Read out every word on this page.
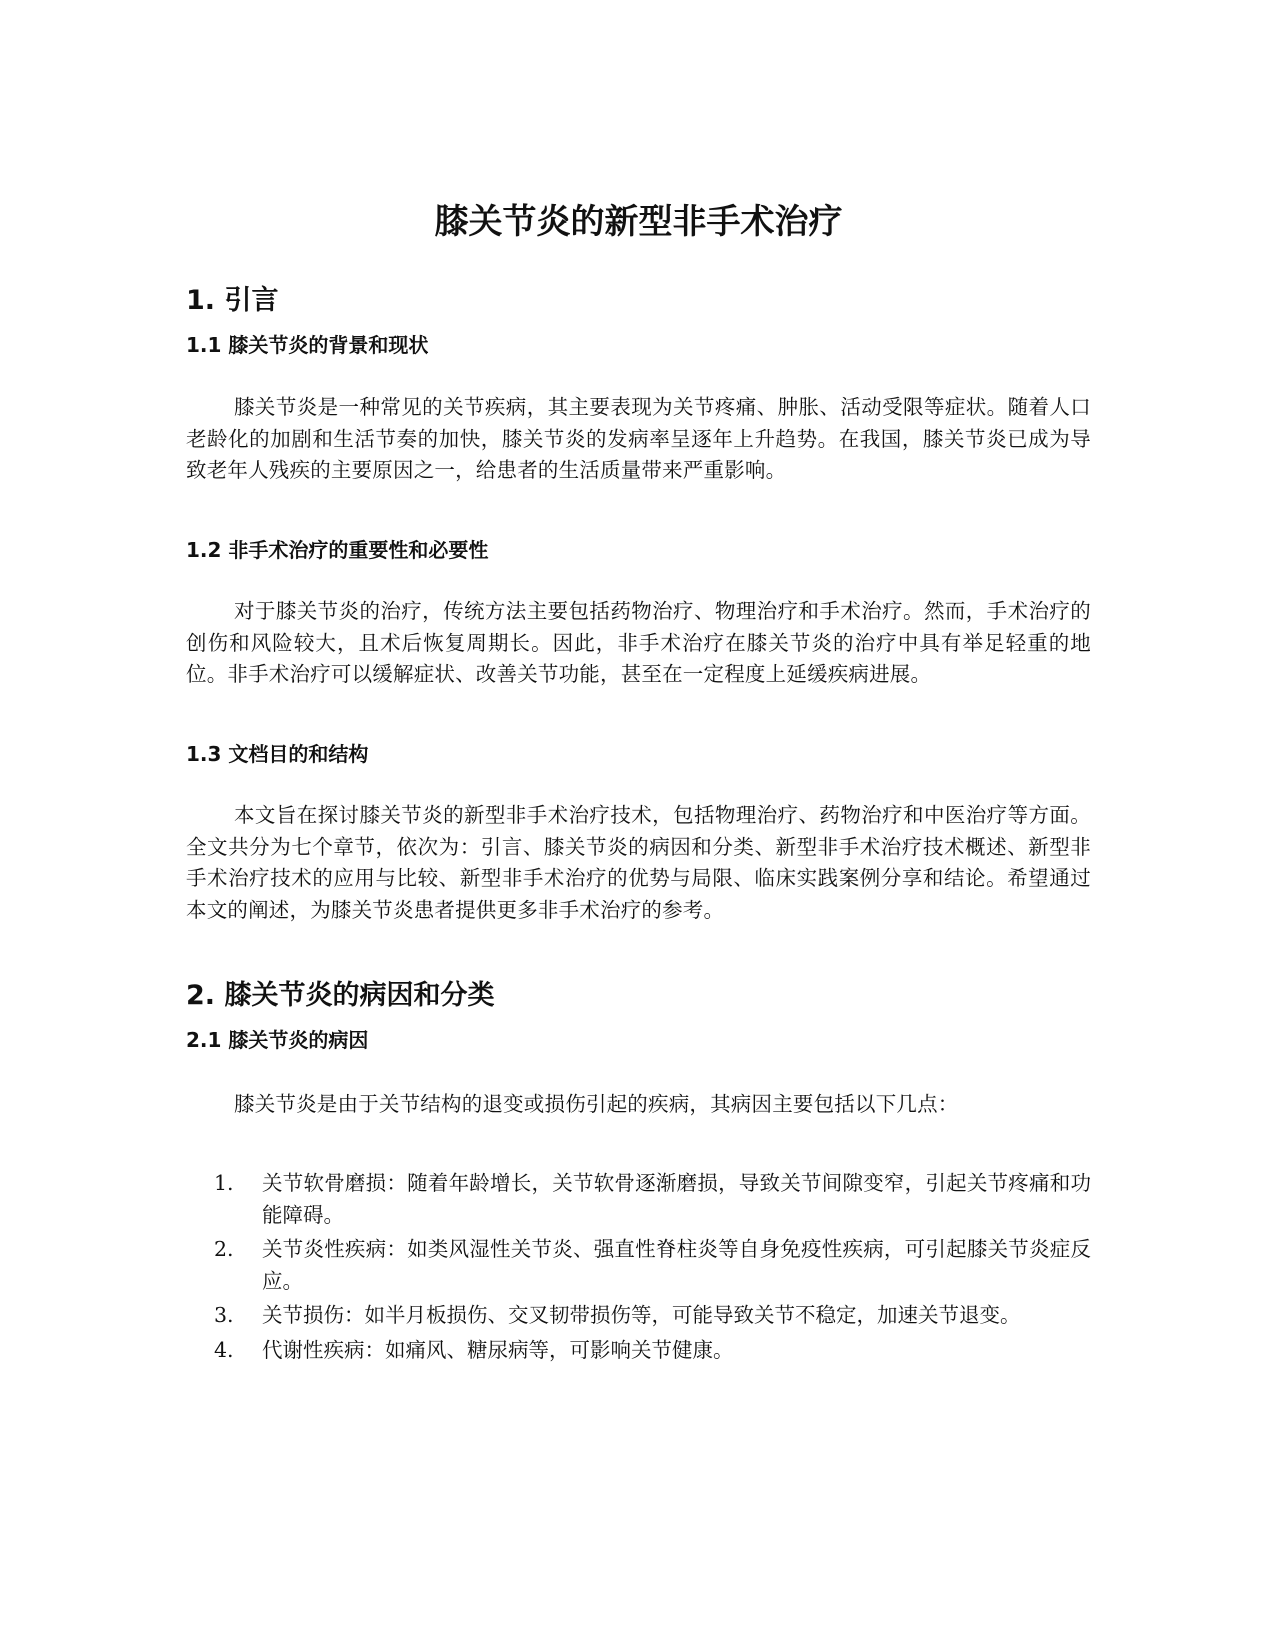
膝关节炎的新型非手术治疗
1. 引言
1.1 膝关节炎的背景和现状

膝关节炎是一种常见的关节疾病，其主要表现为关节疼痛、肿胀、活动受限等症状。随着人口老龄化的加剧和生活节奏的加快，膝关节炎的发病率呈逐年上升趋势。在我国，膝关节炎已成为导致老年人残疾的主要原因之一，给患者的生活质量带来严重影响。

1.2 非手术治疗的重要性和必要性

对于膝关节炎的治疗，传统方法主要包括药物治疗、物理治疗和手术治疗。然而，手术治疗的创伤和风险较大，且术后恢复周期长。因此，非手术治疗在膝关节炎的治疗中具有举足轻重的地位。非手术治疗可以缓解症状、改善关节功能，甚至在一定程度上延缓疾病进展。

1.3 文档目的和结构

本文旨在探讨膝关节炎的新型非手术治疗技术，包括物理治疗、药物治疗和中医治疗等方面。全文共分为七个章节，依次为：引言、膝关节炎的病因和分类、新型非手术治疗技术概述、新型非手术治疗技术的应用与比较、新型非手术治疗的优势与局限、临床实践案例分享和结论。希望通过本文的阐述，为膝关节炎患者提供更多非手术治疗的参考。

2. 膝关节炎的病因和分类
2.1 膝关节炎的病因

膝关节炎是由于关节结构的退变或损伤引起的疾病，其病因主要包括以下几点：

1. 关节软骨磨损：随着年龄增长，关节软骨逐渐磨损，导致关节间隙变窄，引起关节疼痛和功能障碍。
2. 关节炎性疾病：如类风湿性关节炎、强直性脊柱炎等自身免疫性疾病，可引起膝关节炎症反应。
3. 关节损伤：如半月板损伤、交叉韧带损伤等，可能导致关节不稳定，加速关节退变。
4. 代谢性疾病：如痛风、糖尿病等，可影响关节健康。
